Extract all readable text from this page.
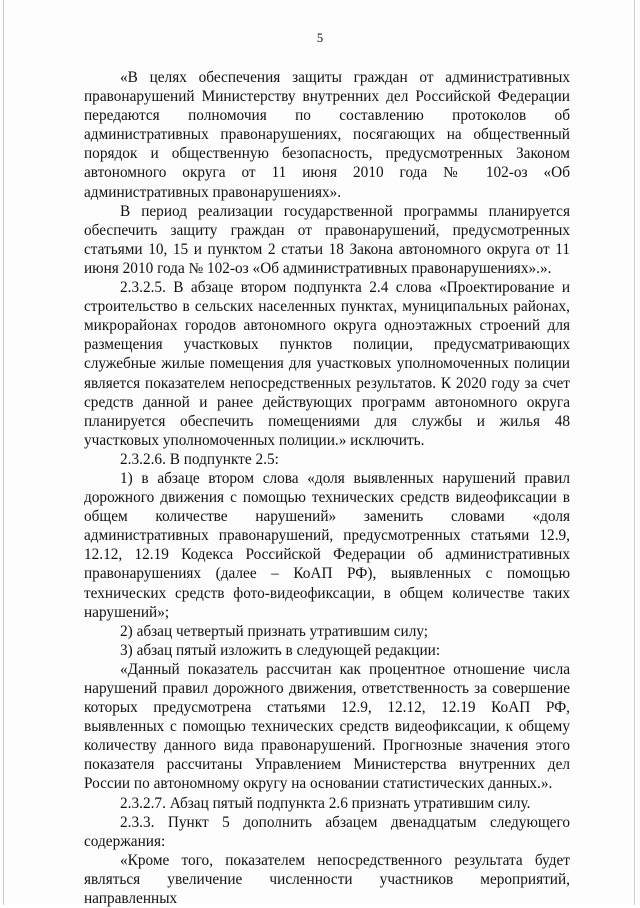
5

«В целях обеспечения защиты граждан от административных правонарушений Министерству внутренних дел Российской Федерации передаются полномочия по составлению протоколов об административных правонарушениях, посягающих на общественный порядок и общественную безопасность, предусмотренных Законом автономного округа от 11 июня 2010 года № 102-оз «Об административных правонарушениях».

В период реализации государственной программы планируется обеспечить защиту граждан от правонарушений, предусмотренных статьями 10, 15 и пунктом 2 статьи 18 Закона автономного округа от 11 июня 2010 года № 102-оз «Об административных правонарушениях».».

2.3.2.5. В абзаце втором подпункта 2.4 слова «Проектирование и строительство в сельских населенных пунктах, муниципальных районах, микрорайонах городов автономного округа одноэтажных строений для размещения участковых пунктов полиции, предусматривающих служебные жилые помещения для участковых уполномоченных полиции является показателем непосредственных результатов. К 2020 году за счет средств данной и ранее действующих программ автономного округа планируется обеспечить помещениями для службы и жилья 48 участковых уполномоченных полиции.» исключить.

2.3.2.6. В подпункте 2.5:

1) в абзаце втором слова «доля выявленных нарушений правил дорожного движения с помощью технических средств видеофиксации в общем количестве нарушений» заменить словами «доля административных правонарушений, предусмотренных статьями 12.9, 12.12, 12.19 Кодекса Российской Федерации об административных правонарушениях (далее – КоАП РФ), выявленных с помощью технических средств фото-видеофиксации, в общем количестве таких нарушений»;

2) абзац четвертый признать утратившим силу;

3) абзац пятый изложить в следующей редакции:

«Данный показатель рассчитан как процентное отношение числа нарушений правил дорожного движения, ответственность за совершение которых предусмотрена статьями 12.9, 12.12, 12.19 КоАП РФ, выявленных с помощью технических средств видеофиксации, к общему количеству данного вида правонарушений. Прогнозные значения этого показателя рассчитаны Управлением Министерства внутренних дел России по автономному округу на основании статистических данных.».

2.3.2.7. Абзац пятый подпункта 2.6 признать утратившим силу.

2.3.3. Пункт 5 дополнить абзацем двенадцатым следующего содержания:

«Кроме того, показателем непосредственного результата будет являться увеличение численности участников мероприятий, направленных
